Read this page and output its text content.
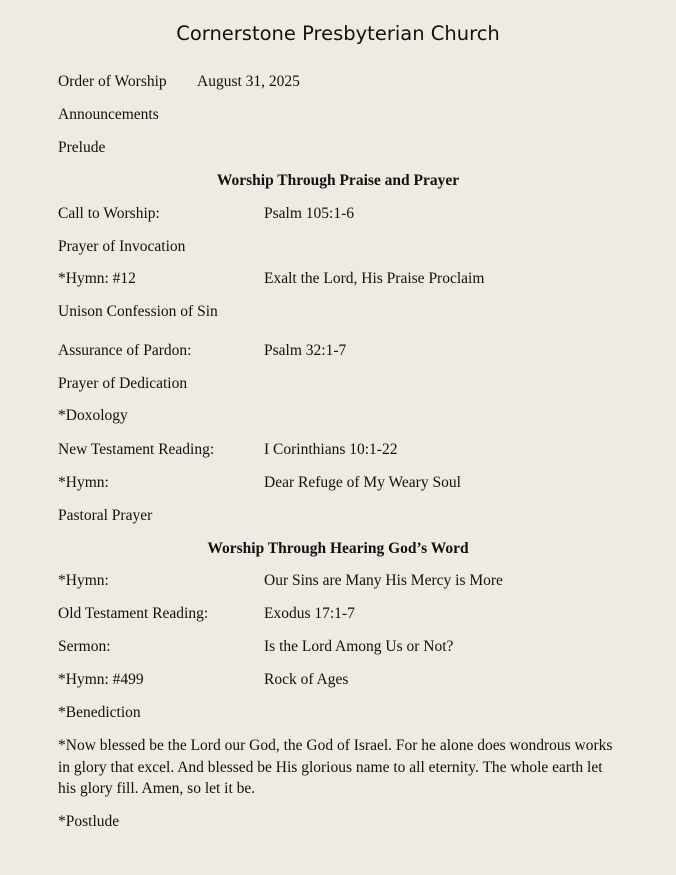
Cornerstone Presbyterian Church
Order of Worship August 31, 2025
Announcements
Prelude
Worship Through Praise and Prayer
Call to Worship:	Psalm 105:1-6
Prayer of Invocation
*Hymn: #12	Exalt the Lord, His Praise Proclaim
Unison Confession of Sin
Assurance of Pardon:	Psalm 32:1-7
Prayer of Dedication
*Doxology
New Testament Reading:	I Corinthians 10:1-22
*Hymn:	Dear Refuge of My Weary Soul
Pastoral Prayer
Worship Through Hearing God’s Word
*Hymn:	Our Sins are Many His Mercy is More
Old Testament Reading:	Exodus 17:1-7
Sermon:	Is the Lord Among Us or Not?
*Hymn: #499	Rock of Ages
*Benediction
*Now blessed be the Lord our God, the God of Israel. For he alone does wondrous works in glory that excel. And blessed be His glorious name to all eternity. The whole earth let his glory fill. Amen, so let it be.
*Postlude
